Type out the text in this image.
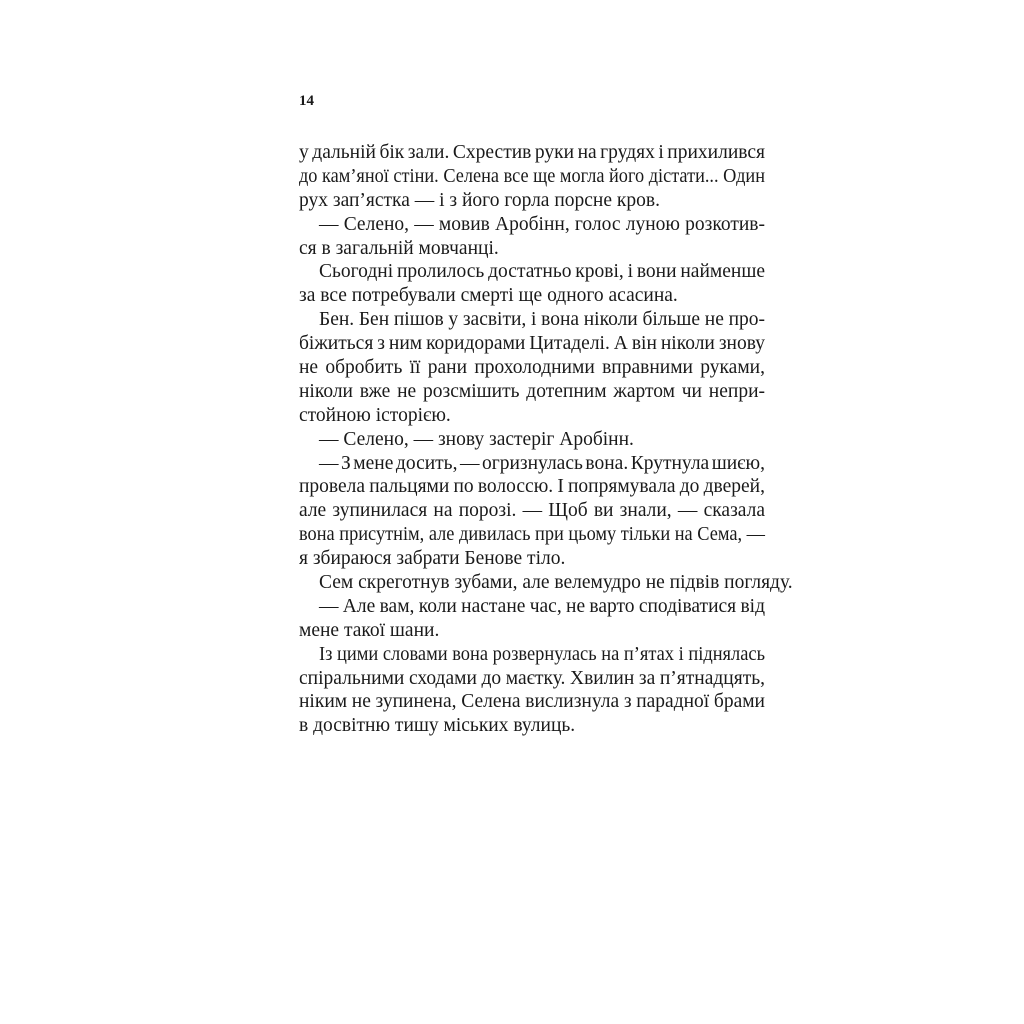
14
у дальній бік зали. Схрестив руки на грудях і прихилився
до кам’яної стіни. Селена все ще могла його дістати... Один
рух зап’ястка — і з його горла порсне кров.
— Селено, — мовив Аробінн, голос луною розкотив-
ся в загальній мовчанці.
Сьогодні пролилось достатньо крові, і вони найменше
за все потребували смерті ще одного асасина.
Бен. Бен пішов у засвіти, і вона ніколи більше не про-
біжиться з ним коридорами Цитаделі. А він ніколи знову
не обробить її рани прохолодними вправними руками,
ніколи вже не розсмішить дотепним жартом чи непри-
стойною історією.
— Селено, — знову застеріг Аробінн.
— З мене досить, — огризнулась вона. Крутнула шиєю,
провела пальцями по волоссю. І попрямувала до дверей,
але зупинилася на порозі. — Щоб ви знали, — сказала
вона присутнім, але дивилась при цьому тільки на Сема, —
я збираюся забрати Бенове тіло.
Сем скреготнув зубами, але велемудро не підвів погляду.
— Але вам, коли настане час, не варто сподіватися від
мене такої шани.
Із цими словами вона розвернулась на п’ятах і піднялась
спіральними сходами до маєтку. Хвилин за п’ятнадцять,
ніким не зупинена, Селена вислизнула з парадної брами
в досвітню тишу міських вулиць.
